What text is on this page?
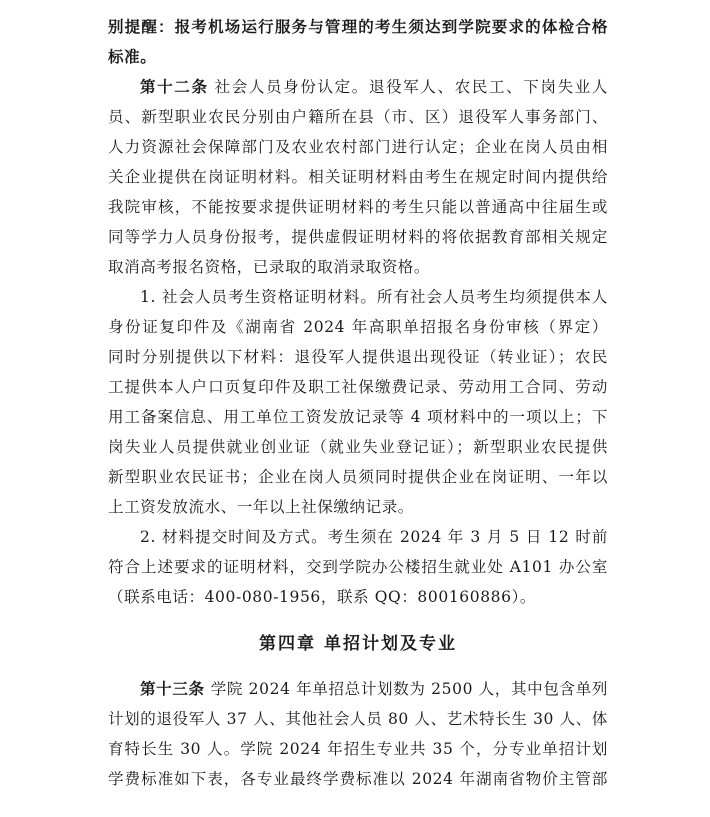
别提醒：报考机场运行服务与管理的考生须达到学院要求的体检合格
标准。
第十二条 社会人员身份认定。退役军人、农民工、下岗失业人
员、新型职业农民分别由户籍所在县（市、区）退役军人事务部门、
人力资源社会保障部门及农业农村部门进行认定；企业在岗人员由相
关企业提供在岗证明材料。相关证明材料由考生在规定时间内提供给
我院审核，不能按要求提供证明材料的考生只能以普通高中往届生或
同等学力人员身份报考，提供虚假证明材料的将依据教育部相关规定
取消高考报名资格，已录取的取消录取资格。
1. 社会人员考生资格证明材料。所有社会人员考生均须提供本人
身份证复印件及《湖南省 2024 年高职单招报名身份审核（界定）
同时分别提供以下材料：退役军人提供退出现役证（转业证）；农民
工提供本人户口页复印件及职工社保缴费记录、劳动用工合同、劳动
用工备案信息、用工单位工资发放记录等 4 项材料中的一项以上；下
岗失业人员提供就业创业证（就业失业登记证）；新型职业农民提供
新型职业农民证书；企业在岗人员须同时提供企业在岗证明、一年以
上工资发放流水、一年以上社保缴纳记录。
2. 材料提交时间及方式。考生须在 2024 年 3 月 5 日 12 时前
符合上述要求的证明材料，交到学院办公楼招生就业处 A101 办公室
（联系电话：400-080-1956，联系 QQ：800160886）。
第四章 单招计划及专业
第十三条 学院 2024 年单招总计划数为 2500 人，其中包含单列
计划的退役军人 37 人、其他社会人员 80 人、艺术特长生 30 人、体
育特长生 30 人。学院 2024 年招生专业共 35 个，分专业单招计划
学费标准如下表，各专业最终学费标准以 2024 年湖南省物价主管部
